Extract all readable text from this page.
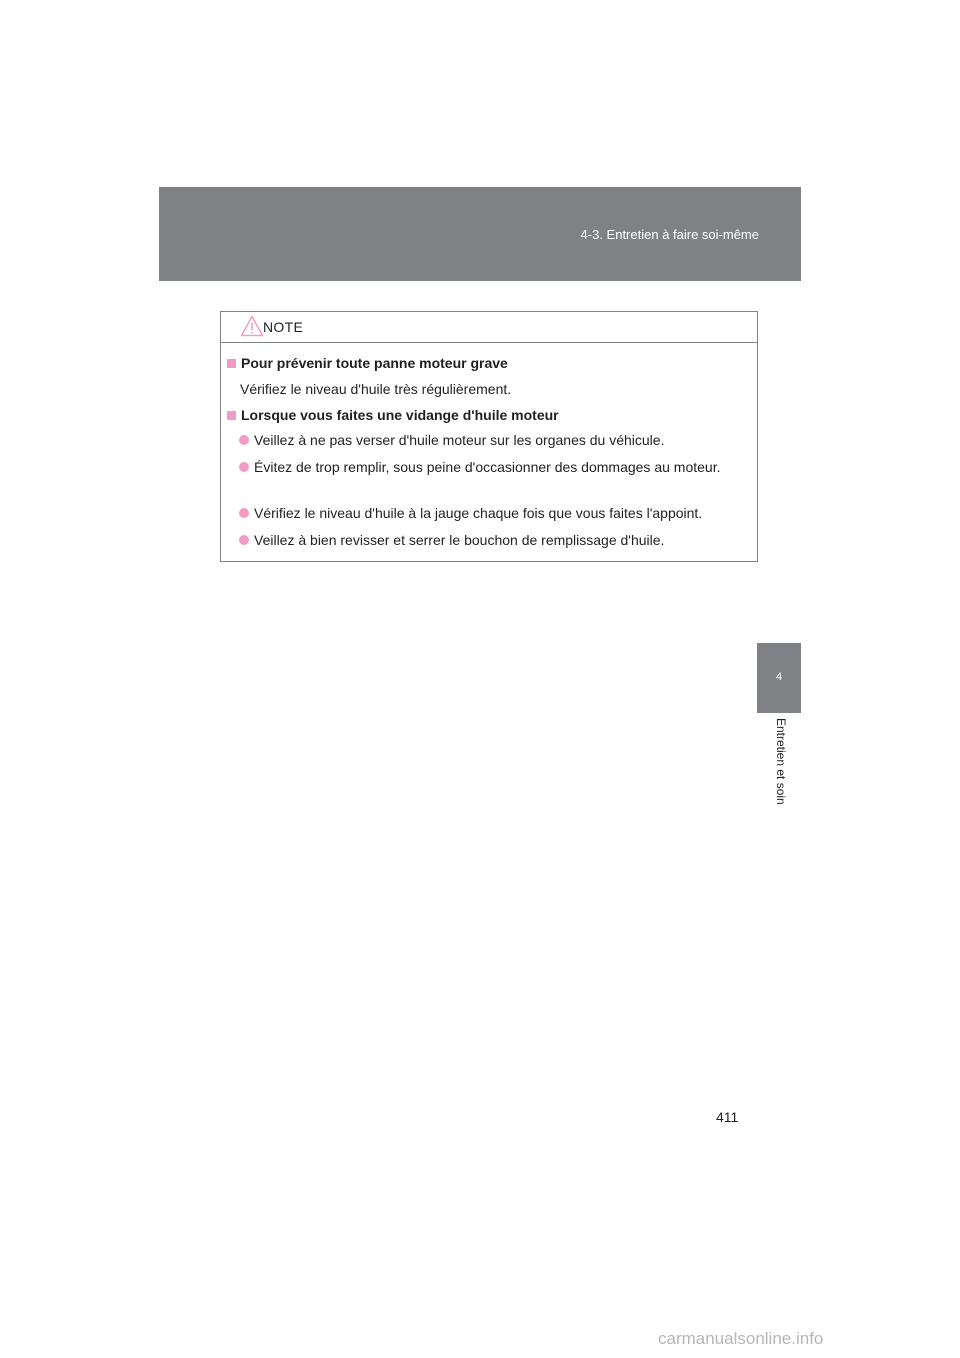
4-3. Entretien à faire soi-même
4
Entretien et soin
NOTE
Pour prévenir toute panne moteur grave
Vérifiez le niveau d'huile très régulièrement.
Lorsque vous faites une vidange d'huile moteur
Veillez à ne pas verser d'huile moteur sur les organes du véhicule.
Évitez de trop remplir, sous peine d'occasionner des dommages au moteur.
Vérifiez le niveau d'huile à la jauge chaque fois que vous faites l'appoint.
Veillez à bien revisser et serrer le bouchon de remplissage d'huile.
411
carmanualsonline.info
